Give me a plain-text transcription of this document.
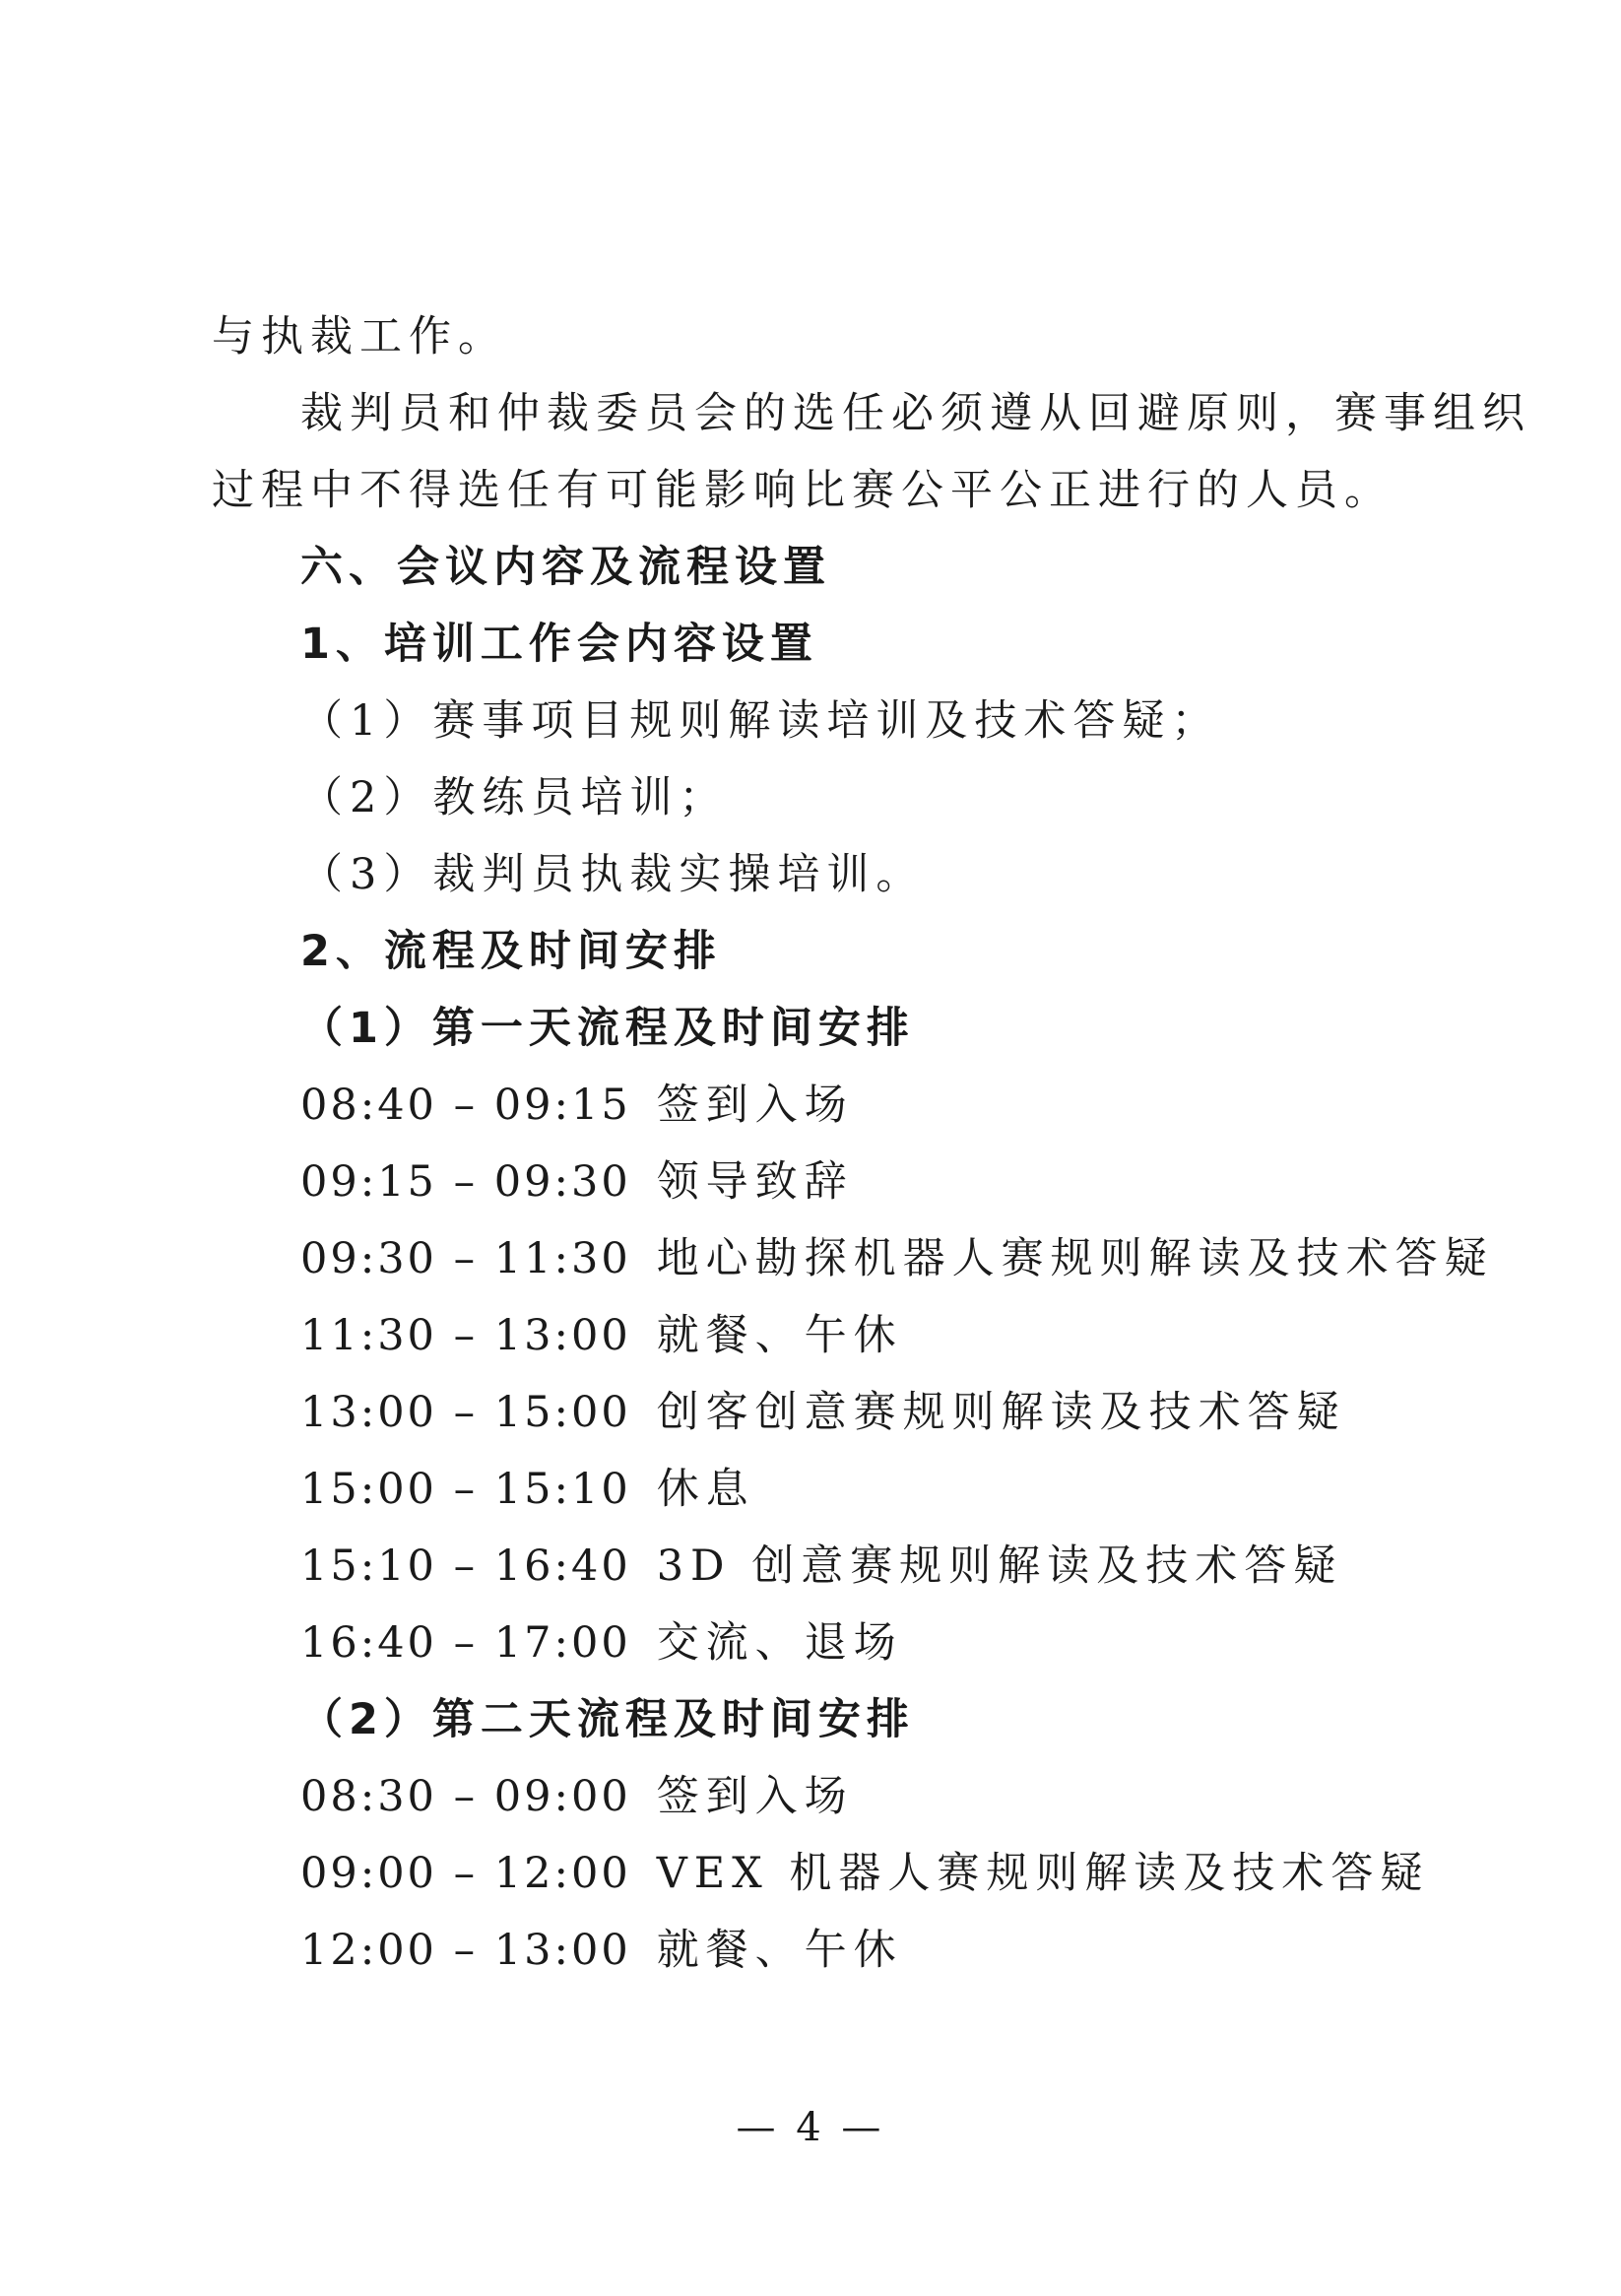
与执裁工作。
裁判员和仲裁委员会的选任必须遵从回避原则，赛事组织
过程中不得选任有可能影响比赛公平公正进行的人员。
六、会议内容及流程设置
1、培训工作会内容设置
（1）赛事项目规则解读培训及技术答疑；
（2）教练员培训；
（3）裁判员执裁实操培训。
2、流程及时间安排
（1）第一天流程及时间安排
08:40 – 09:15 签到入场
09:15 – 09:30 领导致辞
09:30 – 11:30 地心勘探机器人赛规则解读及技术答疑
11:30 – 13:00 就餐、午休
13:00 – 15:00 创客创意赛规则解读及技术答疑
15:00 – 15:10 休息
15:10 – 16:40 3D 创意赛规则解读及技术答疑
16:40 – 17:00 交流、退场
（2）第二天流程及时间安排
08:30 – 09:00 签到入场
09:00 – 12:00 VEX 机器人赛规则解读及技术答疑
12:00 – 13:00 就餐、午休
— 4 —
